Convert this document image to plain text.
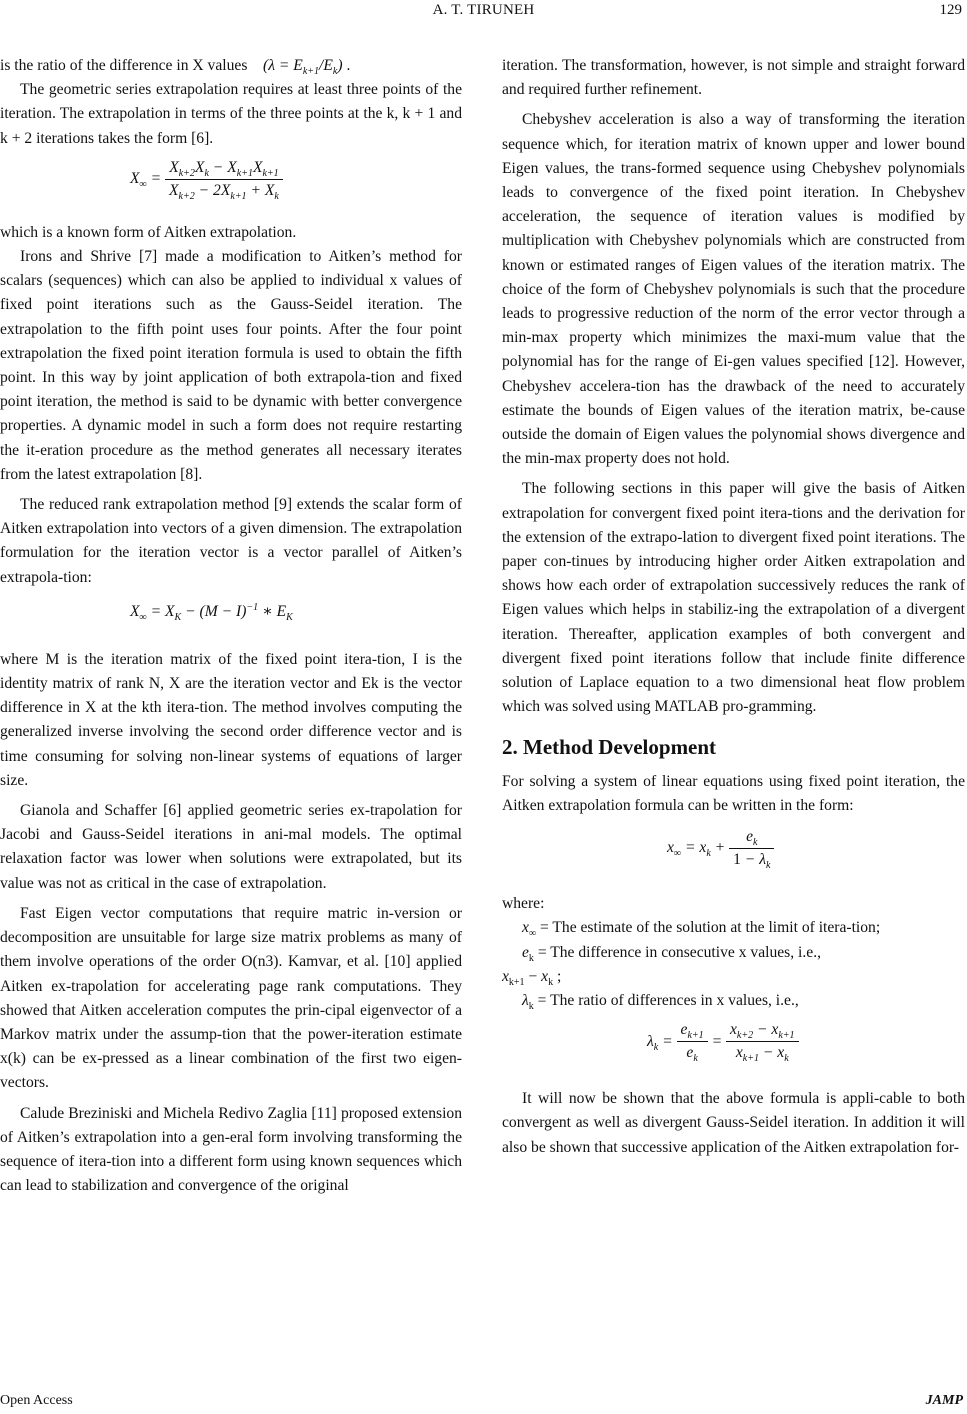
A. T. TIRUNEH	129

is the ratio of the difference in X values    $(\lambda = E_{k+1}/E_k)$ .

The geometric series extrapolation requires at least three points of the iteration. The extrapolation in terms of the three points at the k, k + 1 and k + 2 iterations takes the form [6].

$X_\infty = \frac{X_{k+2}X_k - X_{k+1}X_{k+1}}{X_{k+2} - 2X_{k+1} + X_k}$

which is a known form of Aitken extrapolation.

Irons and Shrive [7] made a modification to Aitken’s method for scalars (sequences) which can also be applied to individual x values of fixed point iterations such as the Gauss-Seidel iteration. The extrapolation to the fifth point uses four points. After the four point extrapolation the fixed point iteration formula is used to obtain the fifth point. In this way by joint application of both extrapola-tion and fixed point iteration, the method is said to be dynamic with better convergence properties. A dynamic model in such a form does not require restarting the it-eration procedure as the method generates all necessary iterates from the latest extrapolation [8].

The reduced rank extrapolation method [9] extends the scalar form of Aitken extrapolation into vectors of a given dimension. The extrapolation formulation for the iteration vector is a vector parallel of Aitken’s extrapola-tion:

$X_\infty = X_K - (M - I)^{-1}$ ∗ $E_K$

where M is the iteration matrix of the fixed point itera-tion, I is the identity matrix of rank N, X are the iteration vector and Ek is the vector difference in X at the kth itera-tion. The method involves computing the generalized inverse involving the second order difference vector and is time consuming for solving non-linear systems of equations of larger size.

Gianola and Schaffer [6] applied geometric series ex-trapolation for Jacobi and Gauss-Seidel iterations in ani-mal models. The optimal relaxation factor was lower when solutions were extrapolated, but its value was not as critical in the case of extrapolation.

Fast Eigen vector computations that require matric in-version or decomposition are unsuitable for large size matrix problems as many of them involve operations of the order O(n3). Kamvar, et al. [10] applied Aitken ex-trapolation for accelerating page rank computations. They showed that Aitken acceleration computes the prin-cipal eigenvector of a Markov matrix under the assump-tion that the power-iteration estimate x(k) can be ex-pressed as a linear combination of the first two eigen-vectors.

Calude Breziniski and Michela Redivo Zaglia [11] proposed extension of Aitken’s extrapolation into a gen-eral form involving transforming the sequence of itera-tion into a different form using known sequences which can lead to stabilization and convergence of the original

iteration. The transformation, however, is not simple and straight forward and required further refinement.

Chebyshev acceleration is also a way of transforming the iteration sequence which, for iteration matrix of known upper and lower bound Eigen values, the trans-formed sequence using Chebyshev polynomials leads to convergence of the fixed point iteration. In Chebyshev acceleration, the sequence of iteration values is modified by multiplication with Chebyshev polynomials which are constructed from known or estimated ranges of Eigen values of the iteration matrix. The choice of the form of Chebyshev polynomials is such that the procedure leads to progressive reduction of the norm of the error vector through a min-max property which minimizes the maxi-mum value that the polynomial has for the range of Ei-gen values specified [12]. However, Chebyshev accelera-tion has the drawback of the need to accurately estimate the bounds of Eigen values of the iteration matrix, be-cause outside the domain of Eigen values the polynomial shows divergence and the min-max property does not hold.

The following sections in this paper will give the basis of Aitken extrapolation for convergent fixed point itera-tions and the derivation for the extension of the extrapo-lation to divergent fixed point iterations. The paper con-tinues by introducing higher order Aitken extrapolation and shows how each order of extrapolation successively reduces the rank of Eigen values which helps in stabiliz-ing the extrapolation of a divergent iteration. Thereafter, application examples of both convergent and divergent fixed point iterations follow that include finite difference solution of Laplace equation to a two dimensional heat flow problem which was solved using MATLAB pro-gramming.

2. Method Development

For solving a system of linear equations using fixed point iteration, the Aitken extrapolation formula can be written in the form:

$x_\infty = x_k + \frac{e_k}{1 - \lambda_k}$

where:

$x_\infty$ = The estimate of the solution at the limit of itera-tion;

$e_k$ = The difference in consecutive x values, i.e.,

$x_{k+1} - x_k$ ;

$\lambda_k$ = The ratio of differences in x values, i.e.,

$\lambda_k = \frac{e_{k+1}}{e_k} = \frac{x_{k+2} - x_{k+1}}{x_{k+1} - x_k}$

It will now be shown that the above formula is appli-cable to both convergent as well as divergent Gauss-Seidel iteration. In addition it will also be shown that successive application of the Aitken extrapolation for-

Open Access	JAMP
